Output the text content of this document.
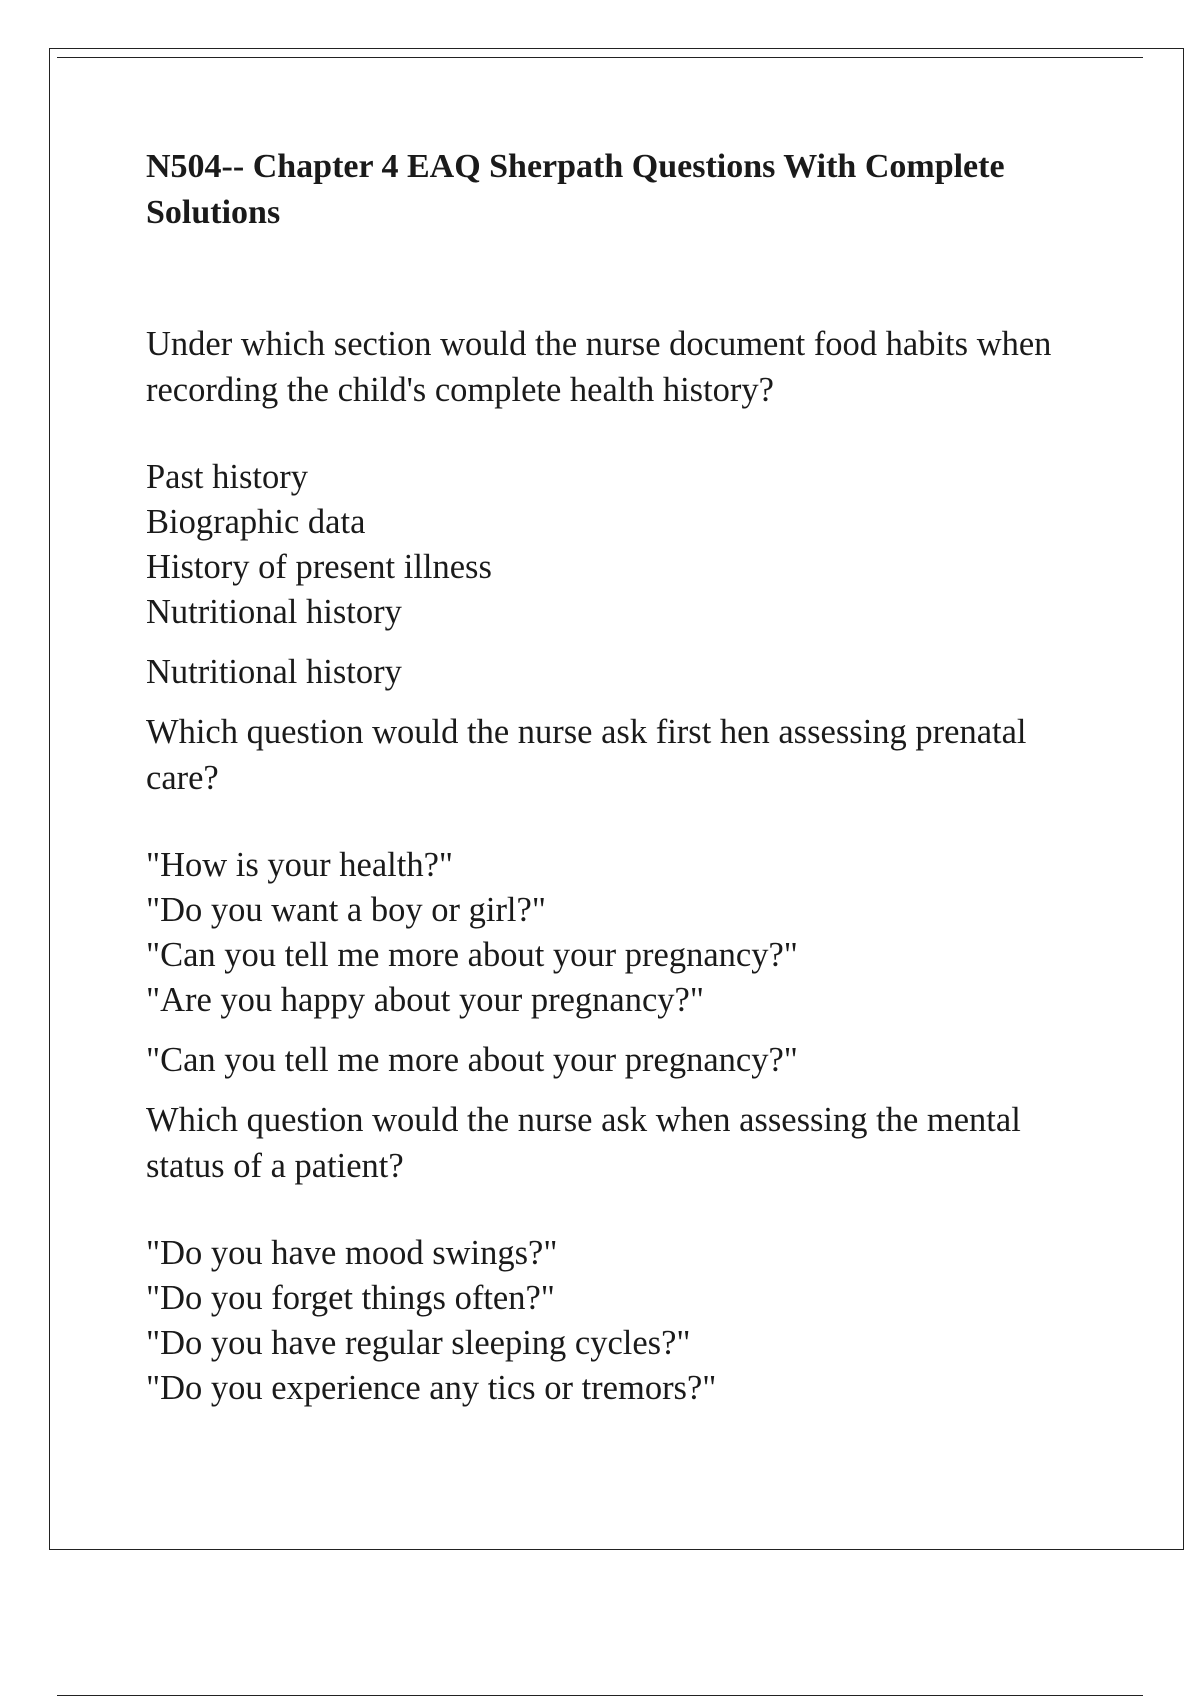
N504-- Chapter 4 EAQ Sherpath Questions With Complete Solutions

Under which section would the nurse document food habits when recording the child's complete health history?

Past history
Biographic data
History of present illness
Nutritional history

Nutritional history

Which question would the nurse ask first hen assessing prenatal care?

"How is your health?"
"Do you want a boy or girl?"
"Can you tell me more about your pregnancy?"
"Are you happy about your pregnancy?"

"Can you tell me more about your pregnancy?"

Which question would the nurse ask when assessing the mental status of a patient?

"Do you have mood swings?"
"Do you forget things often?"
"Do you have regular sleeping cycles?"
"Do you experience any tics or tremors?"
